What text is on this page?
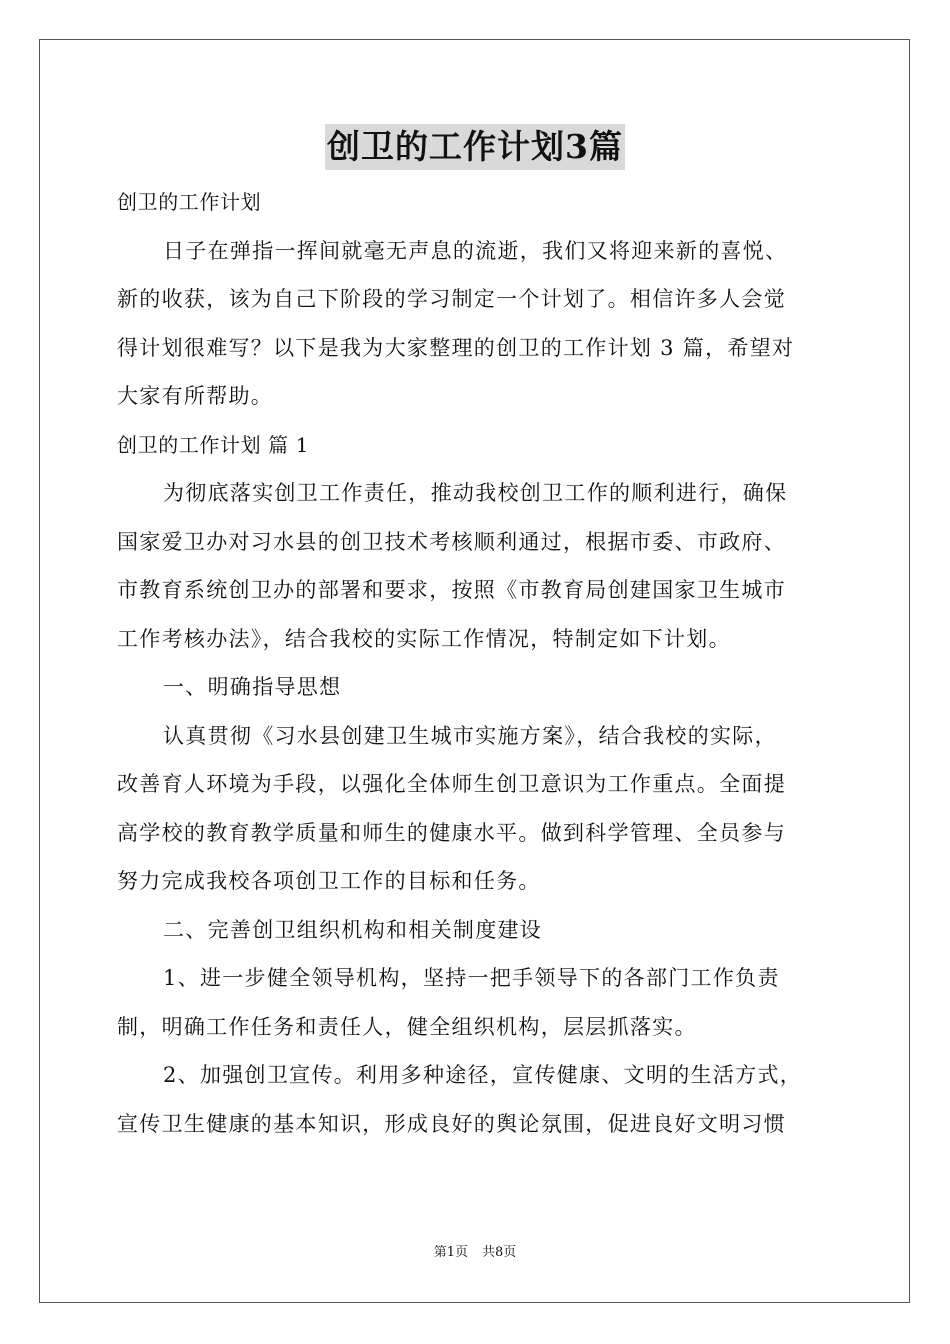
创卫的工作计划3篇
创卫的工作计划
日子在弹指一挥间就毫无声息的流逝，我们又将迎来新的喜悦、
新的收获，该为自己下阶段的学习制定一个计划了。相信许多人会觉
得计划很难写？以下是我为大家整理的创卫的工作计划 3 篇，希望对
大家有所帮助。
创卫的工作计划 篇 1
为彻底落实创卫工作责任，推动我校创卫工作的顺利进行，确保
国家爱卫办对习水县的创卫技术考核顺利通过，根据市委、市政府、
市教育系统创卫办的部署和要求，按照《市教育局创建国家卫生城市
工作考核办法》，结合我校的实际工作情况，特制定如下计划。
一、明确指导思想
认真贯彻《习水县创建卫生城市实施方案》，结合我校的实际，
改善育人环境为手段，以强化全体师生创卫意识为工作重点。全面提
高学校的教育教学质量和师生的健康水平。做到科学管理、全员参与
努力完成我校各项创卫工作的目标和任务。
二、完善创卫组织机构和相关制度建设
1、进一步健全领导机构，坚持一把手领导下的各部门工作负责
制，明确工作任务和责任人，健全组织机构，层层抓落实。
2、加强创卫宣传。利用多种途径，宣传健康、文明的生活方式，
宣传卫生健康的基本知识，形成良好的舆论氛围，促进良好文明习惯
第1页 共8页
